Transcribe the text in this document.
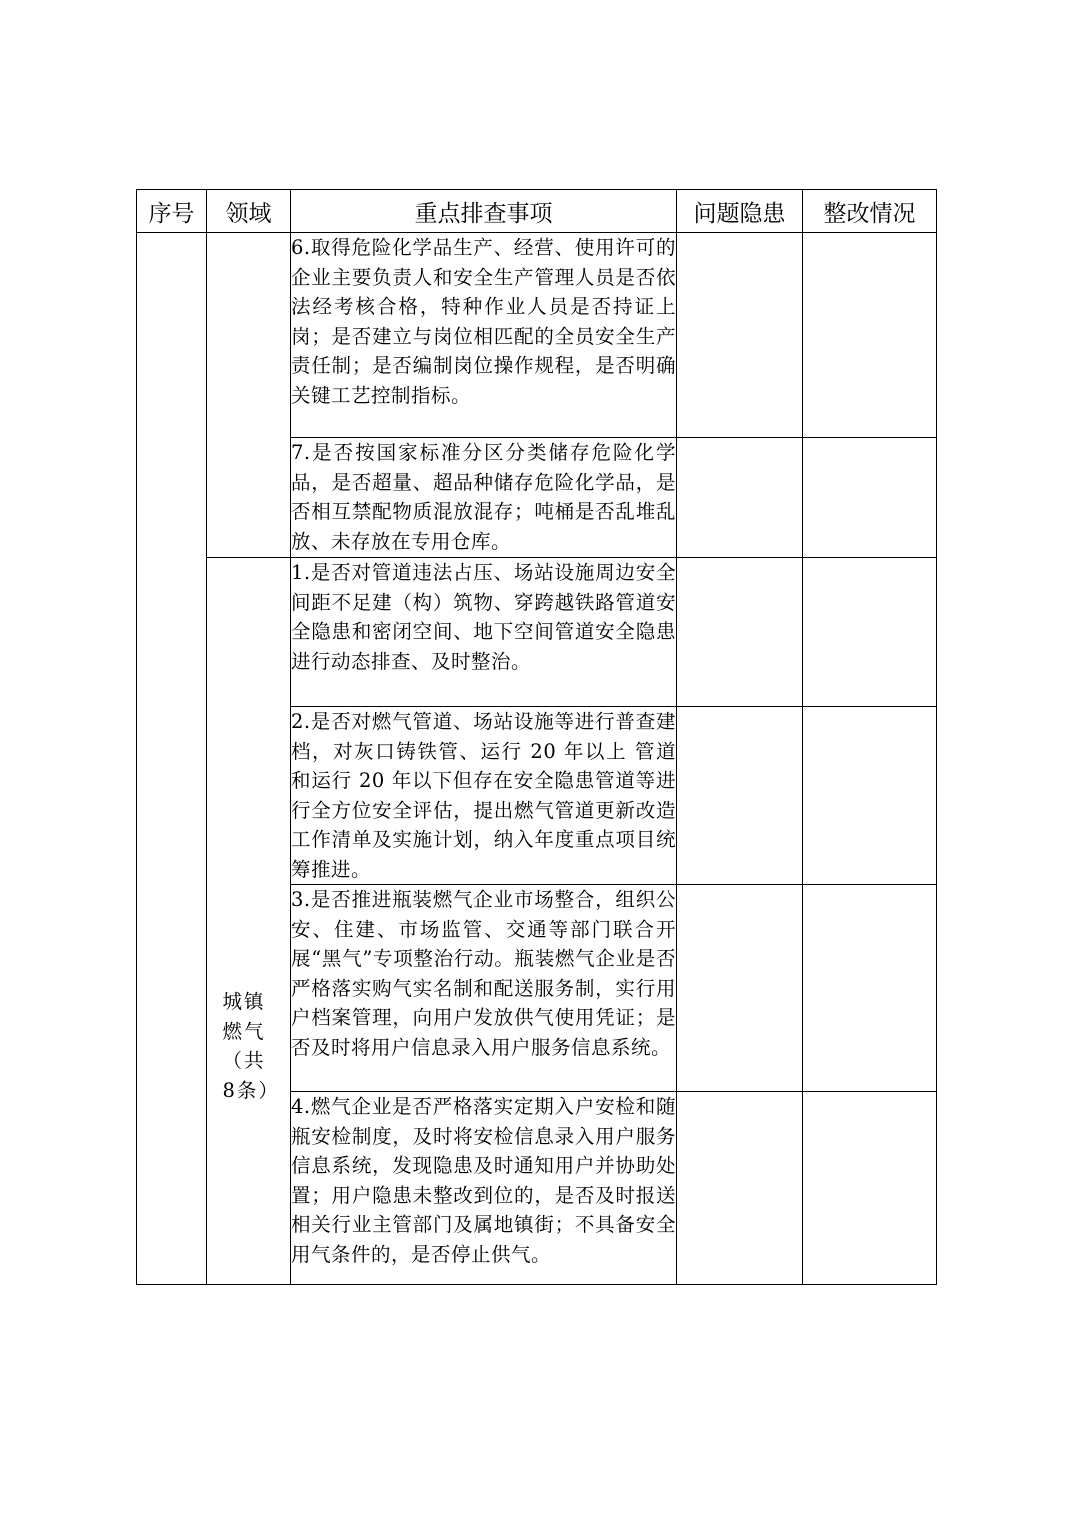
序号	领域	重点排查事项	问题隐患	整改情况
		6.取得危险化学品生产、经营、使用许可的企业主要负责人和安全生产管理人员是否依法经考核合格，特种作业人员是否持证上岗；是否建立与岗位相匹配的全员安全生产责任制；是否编制岗位操作规程，是否明确关键工艺控制指标。		
		7.是否按国家标准分区分类储存危险化学品，是否超量、超品种储存危险化学品，是否相互禁配物质混放混存；吨桶是否乱堆乱放、未存放在专用仓库。		

	城镇燃气（共8条）	1.是否对管道违法占压、场站设施周边安全间距不足建（构）筑物、穿跨越铁路管道安全隐患和密闭空间、地下空间管道安全隐患进行动态排查、及时整治。		
		2.是否对燃气管道、场站设施等进行普查建档，对灰口铸铁管、运行 20 年以上 管道和运行 20 年以下但存在安全隐患管道等进行全方位安全评估，提出燃气管道更新改造工作清单及实施计划，纳入年度重点项目统筹推进。		
		3.是否推进瓶装燃气企业市场整合，组织公安、住建、市场监管、交通等部门联合开展“黑气”专项整治行动。瓶装燃气企业是否严格落实购气实名制和配送服务制，实行用户档案管理，向用户发放供气使用凭证；是否及时将用户信息录入用户服务信息系统。		
		4.燃气企业是否严格落实定期入户安检和随瓶安检制度，及时将安检信息录入用户服务信息系统，发现隐患及时通知用户并协助处置；用户隐患未整改到位的，是否及时报送相关行业主管部门及属地镇街；不具备安全用气条件的，是否停止供气。		
